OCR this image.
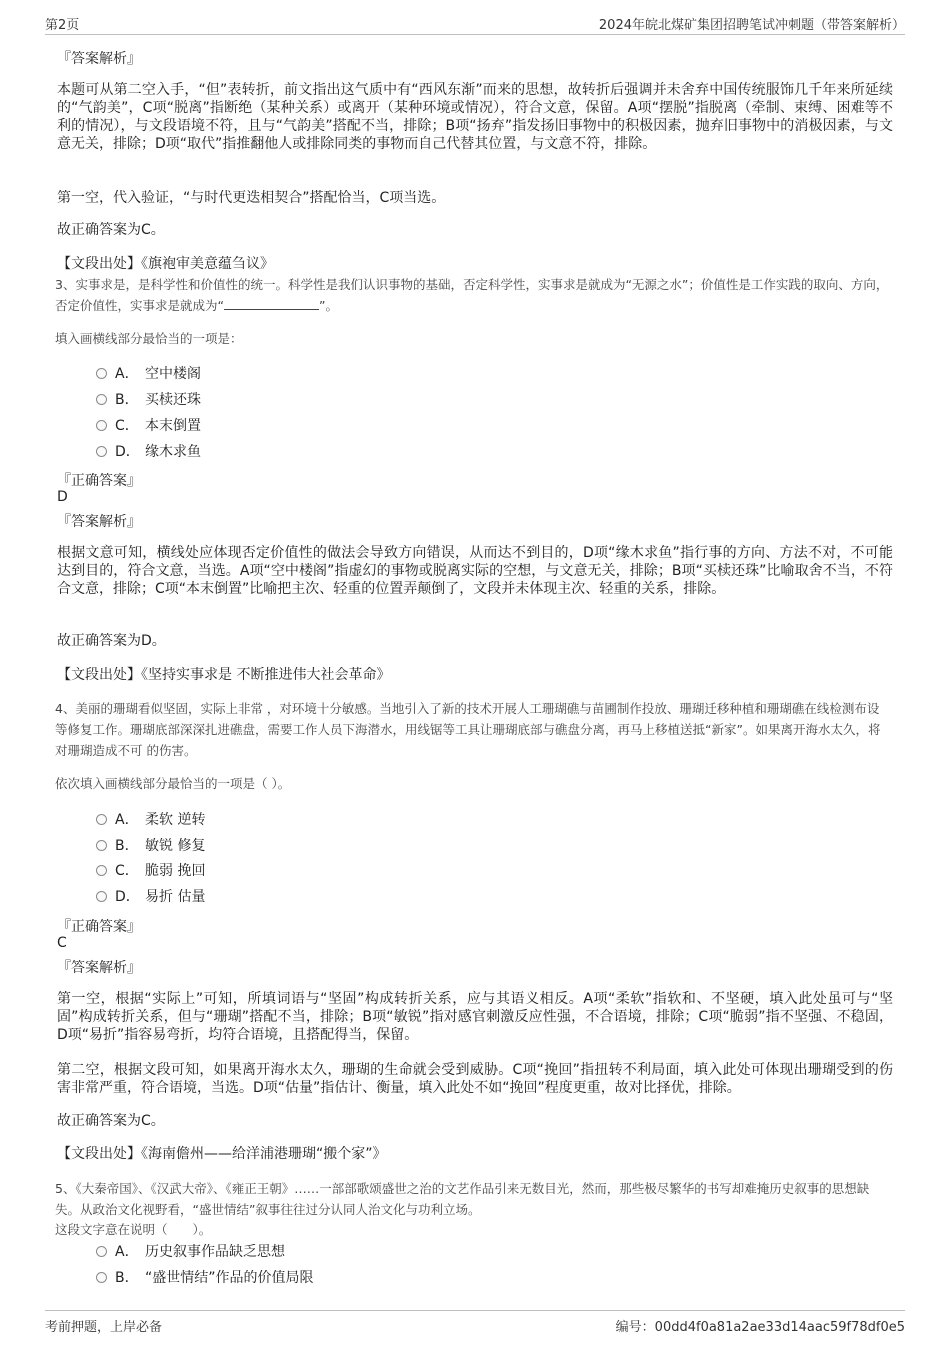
第2页	2024年皖北煤矿集团招聘笔试冲刺题（带答案解析）
『答案解析』
本题可从第二空入手，“但”表转折，前文指出这气质中有“西风东渐”而来的思想，故转折后强调并未舍弃中国传统服饰几千年来所延续的“气韵美”，C项“脱离”指断绝（某种关系）或离开（某种环境或情况），符合文意，保留。A项“摆脱”指脱离（牵制、束缚、困难等不利的情况），与文段语境不符，且与“气韵美”搭配不当，排除；B项“扬弃”指发扬旧事物中的积极因素，抛弃旧事物中的消极因素，与文意无关，排除；D项“取代”指推翻他人或排除同类的事物而自己代替其位置，与文意不符，排除。
第一空，代入验证，“与时代更迭相契合”搭配恰当，C项当选。
故正确答案为C。
【文段出处】《旗袍审美意蕴刍议》
3、实事求是，是科学性和价值性的统一。科学性是我们认识事物的基础，否定科学性，实事求是就成为“无源之水”；价值性是工作实践的取向、方向，否定价值性，实事求是就成为“	”。
填入画横线部分最恰当的一项是：
A． 空中楼阁
B． 买椟还珠
C． 本末倒置
D． 缘木求鱼
『正确答案』
D
『答案解析』
根据文意可知，横线处应体现否定价值性的做法会导致方向错误，从而达不到目的，D项“缘木求鱼”指行事的方向、方法不对，不可能达到目的，符合文意，当选。A项“空中楼阁”指虚幻的事物或脱离实际的空想，与文意无关，排除；B项“买椟还珠”比喻取舍不当，不符合文意，排除；C项“本末倒置”比喻把主次、轻重的位置弄颠倒了，文段并未体现主次、轻重的关系，排除。
故正确答案为D。
【文段出处】《坚持实事求是 不断推进伟大社会革命》
4、美丽的珊瑚看似坚固，实际上非常 ，对环境十分敏感。当地引入了新的技术开展人工珊瑚礁与苗圃制作投放、珊瑚迁移种植和珊瑚礁在线检测布设等修复工作。珊瑚底部深深扎进礁盘，需要工作人员下海潜水，用线锯等工具让珊瑚底部与礁盘分离，再马上移植送抵“新家”。如果离开海水太久，将对珊瑚造成不可 的伤害。
依次填入画横线部分最恰当的一项是（ ）。
A． 柔软 逆转
B． 敏锐 修复
C． 脆弱 挽回
D． 易折 估量
『正确答案』
C
『答案解析』
第一空，根据“实际上”可知，所填词语与“坚固”构成转折关系，应与其语义相反。A项“柔软”指软和、不坚硬，填入此处虽可与“坚固”构成转折关系，但与“珊瑚”搭配不当，排除；B项“敏锐”指对感官刺激反应性强，不合语境，排除；C项“脆弱”指不坚强、不稳固，D项“易折”指容易弯折，均符合语境，且搭配得当，保留。
第二空，根据文段可知，如果离开海水太久，珊瑚的生命就会受到威胁。C项“挽回”指扭转不利局面，填入此处可体现出珊瑚受到的伤害非常严重，符合语境，当选。D项“估量”指估计、衡量，填入此处不如“挽回”程度更重，故对比择优，排除。
故正确答案为C。
【文段出处】《海南儋州——给洋浦港珊瑚“搬个家”》
5、《大秦帝国》、《汉武大帝》、《雍正王朝》……一部部歌颂盛世之治的文艺作品引来无数目光，然而，那些极尽繁华的书写却难掩历史叙事的思想缺失。从政治文化视野看，“盛世情结”叙事往往过分认同人治文化与功利立场。
这段文字意在说明（　　）。
A． 历史叙事作品缺乏思想
B． “盛世情结”作品的价值局限
考前押题，上岸必备	编号：00dd4f0a81a2ae33d14aac59f78df0e5
